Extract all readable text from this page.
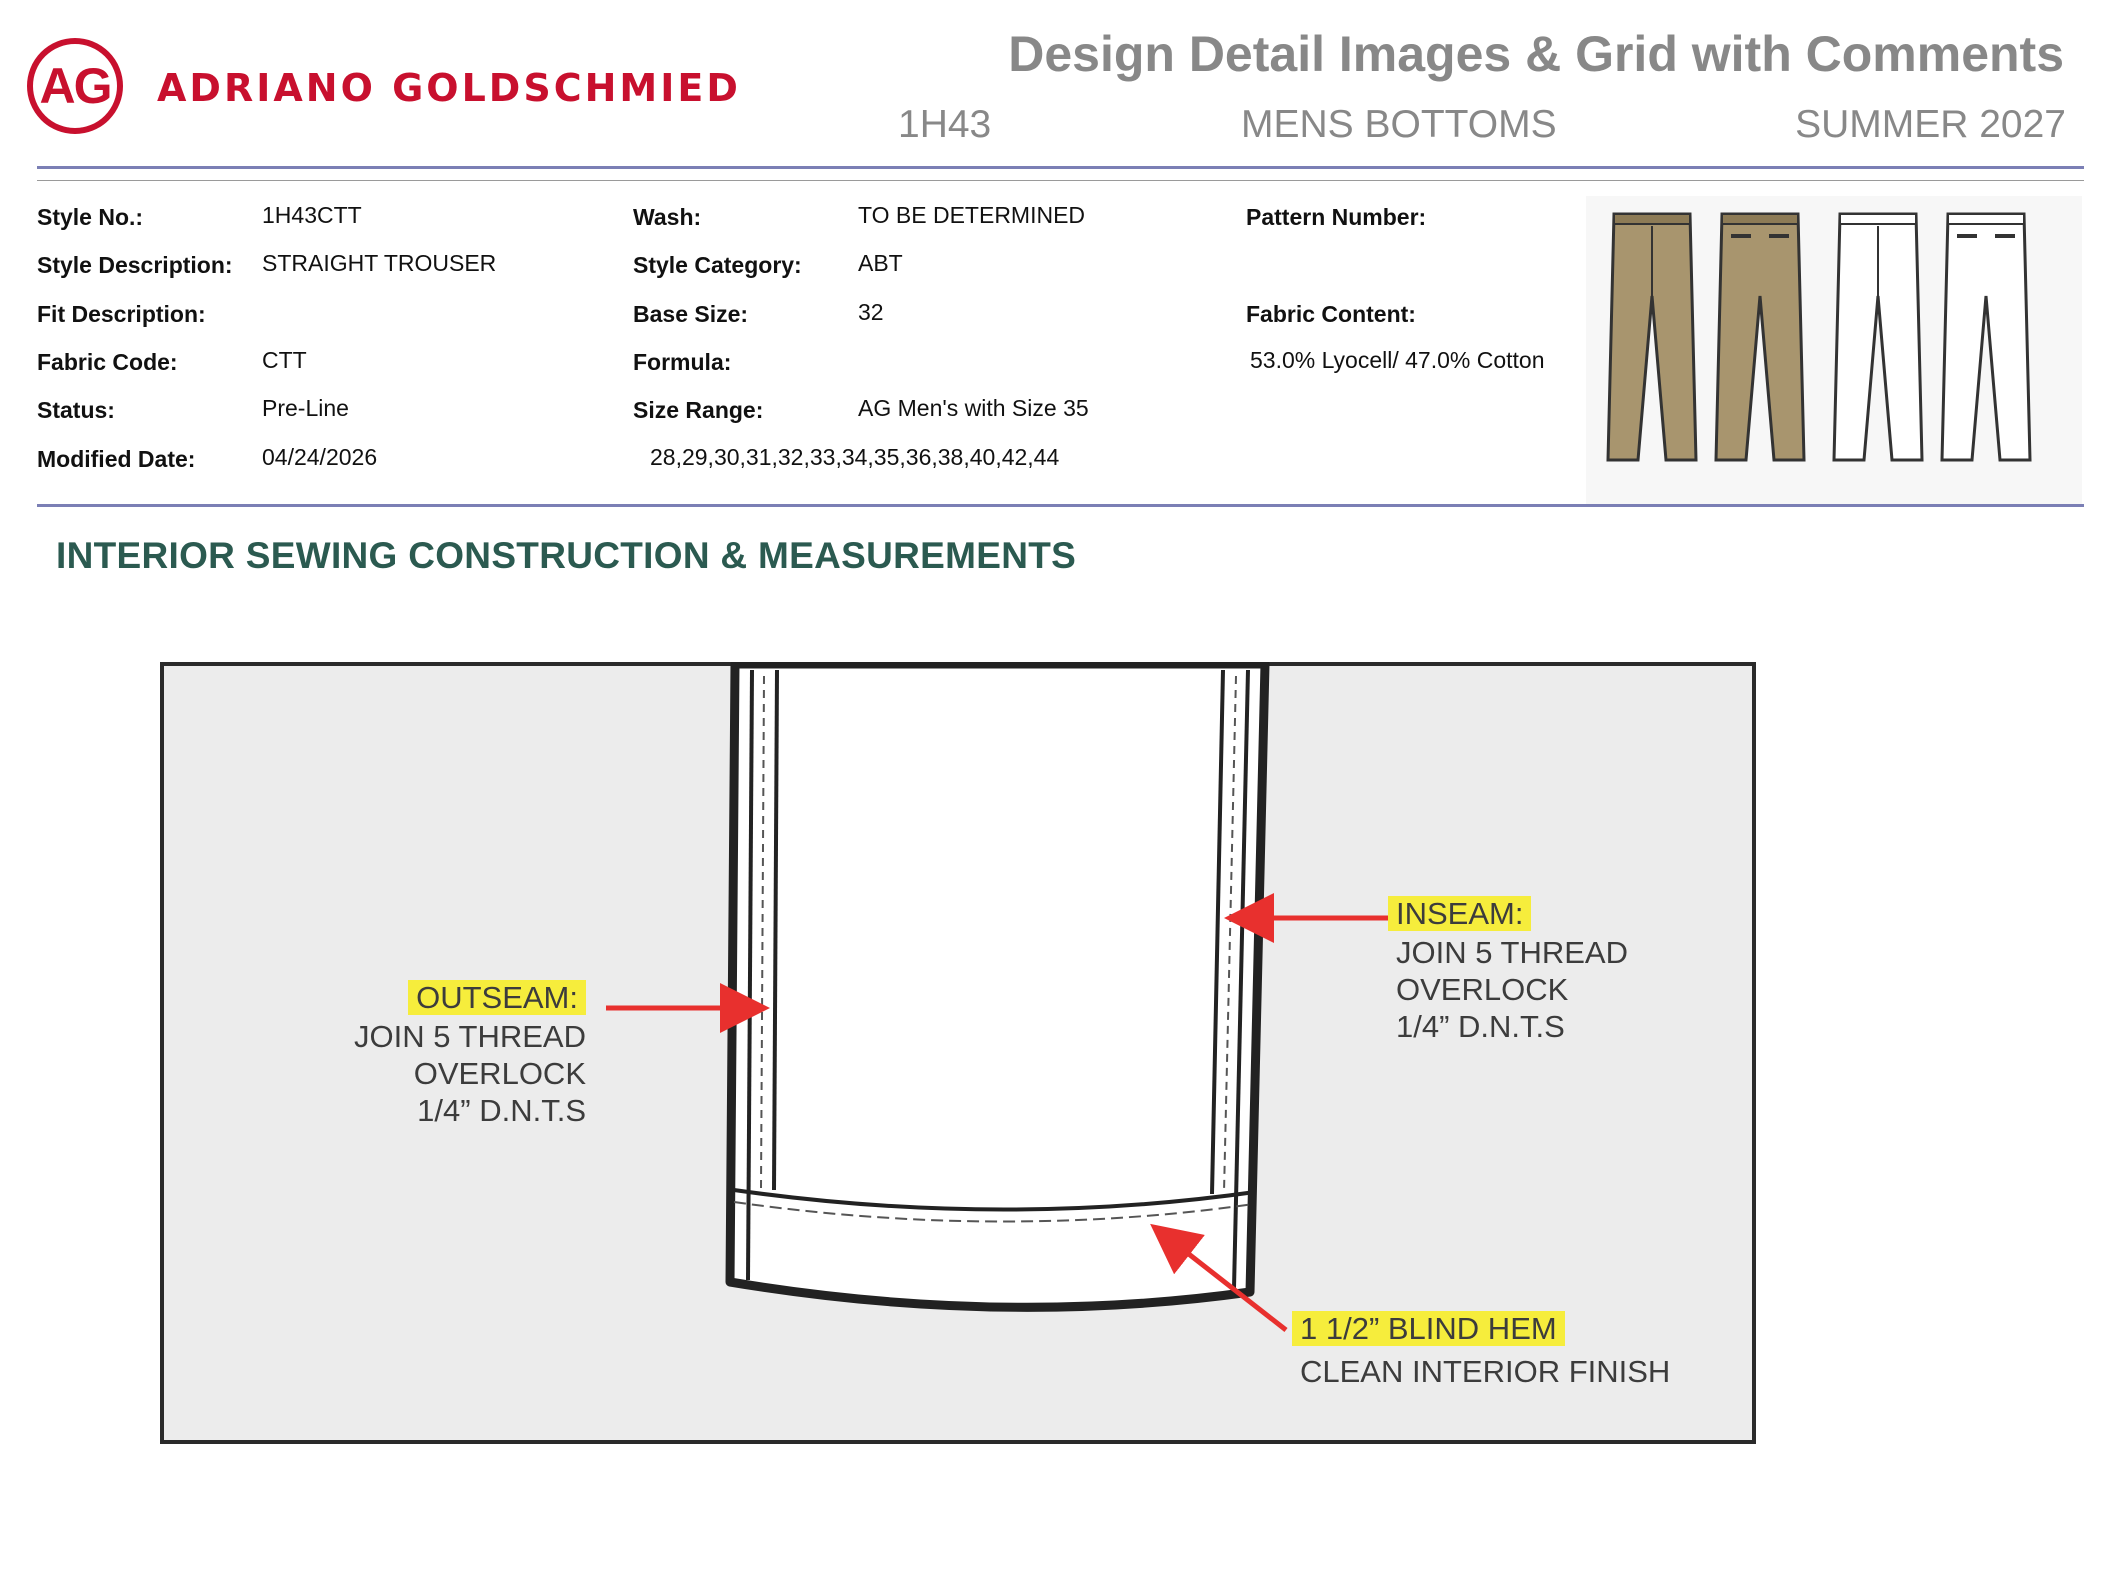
AG ADRIANO GOLDSCHMIED
Design Detail Images & Grid with Comments
1H43	MENS BOTTOMS	SUMMER 2027
Style No.:	1H43CTT
Style Description: STRAIGHT TROUSER
Fit Description:
Fabric Code:	CTT
Status:	Pre-Line
Modified Date:	04/24/2026
Wash:	TO BE DETERMINED
Style Category: ABT
Base Size:	32
Formula:
Size Range:	AG Men's with Size 35
28,29,30,31,32,33,34,35,36,38,40,42,44
Pattern Number:
Fabric Content:
53.0% Lyocell/ 47.0% Cotton
INTERIOR SEWING CONSTRUCTION & MEASUREMENTS
OUTSEAM:
JOIN 5 THREAD
OVERLOCK
1/4” D.N.T.S
INSEAM:
JOIN 5 THREAD
OVERLOCK
1/4” D.N.T.S
1 1/2” BLIND HEM
CLEAN INTERIOR FINISH
